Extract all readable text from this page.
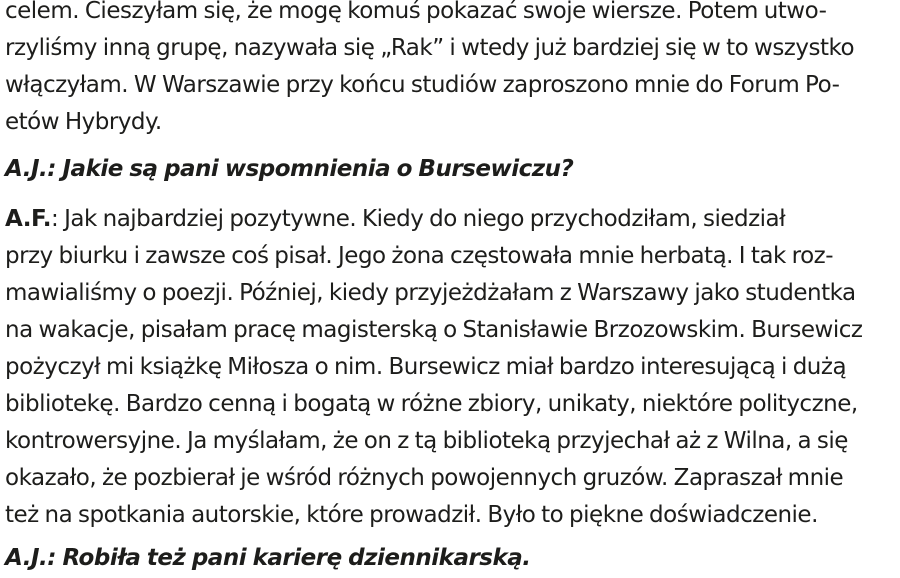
celem. Cieszyłam się, że mogę komuś pokazać swoje wiersze. Potem utwo-
rzyliśmy inną grupę, nazywała się „Rak” i wtedy już bardziej się w to wszystko
włączyłam. W Warszawie przy końcu studiów zaproszono mnie do Forum Po-
etów Hybrydy.

A.J.: Jakie są pani wspomnienia o Bursewiczu?

A.F.: Jak najbardziej pozytywne. Kiedy do niego przychodziłam, siedział
przy biurku i zawsze coś pisał. Jego żona częstowała mnie herbatą. I tak roz-
mawialiśmy o poezji. Później, kiedy przyjeżdżałam z Warszawy jako studentka
na wakacje, pisałam pracę magisterską o Stanisławie Brzozowskim. Bursewicz
pożyczył mi książkę Miłosza o nim. Bursewicz miał bardzo interesującą i dużą
bibliotekę. Bardzo cenną i bogatą w różne zbiory, unikaty, niektóre polityczne,
kontrowersyjne. Ja myślałam, że on z tą biblioteką przyjechał aż z Wilna, a się
okazało, że pozbierał je wśród różnych powojennych gruzów. Zapraszał mnie
też na spotkania autorskie, które prowadził. Było to piękne doświadczenie.

A.J.: Robiła też pani karierę dziennikarską.
